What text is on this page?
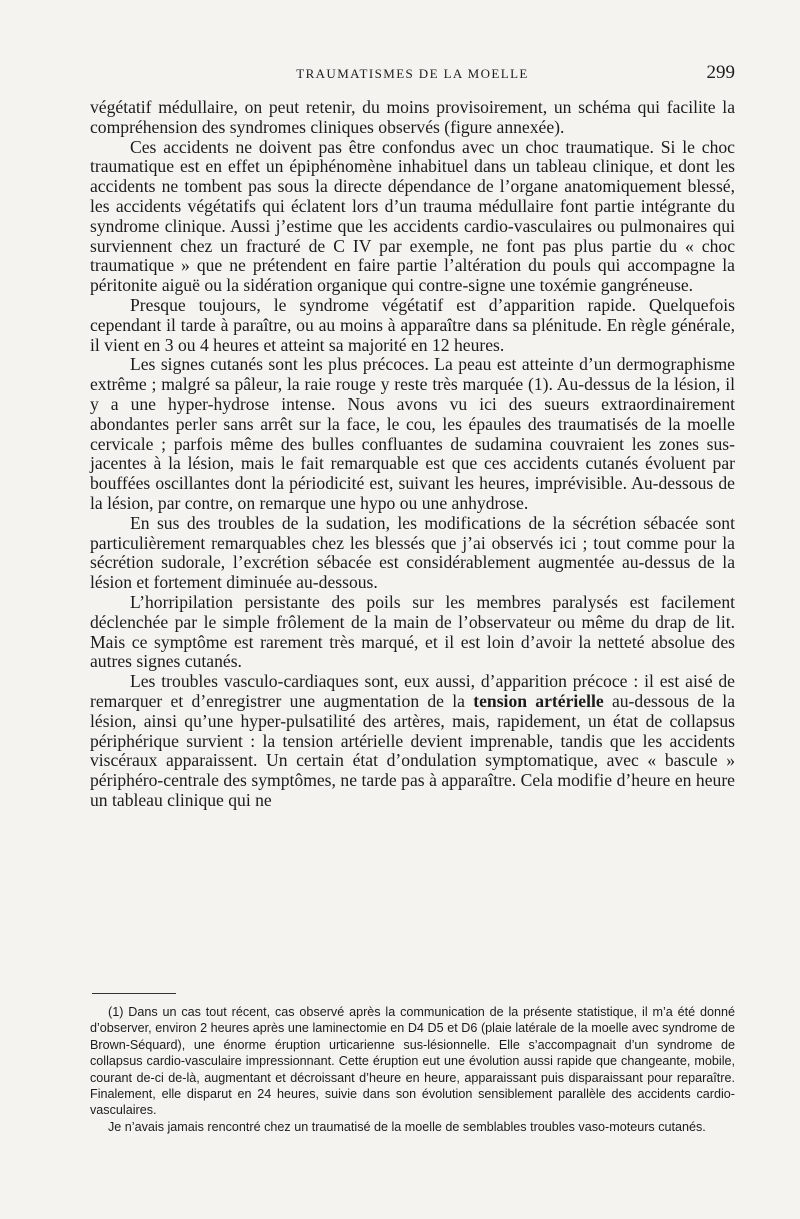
TRAUMATISMES DE LA MOELLE	299

végétatif médullaire, on peut retenir, du moins provisoirement, un schéma qui facilite la compréhension des syndromes cliniques observés (figure annexée).

Ces accidents ne doivent pas être confondus avec un choc traumatique. Si le choc traumatique est en effet un épiphénomène inhabituel dans un tableau clinique, et dont les accidents ne tombent pas sous la directe dépendance de l’organe anatomiquement blessé, les accidents végétatifs qui éclatent lors d’un trauma médullaire font partie intégrante du syndrome clinique. Aussi j’estime que les accidents cardio-vasculaires ou pulmonaires qui surviennent chez un fracturé de C IV par exemple, ne font pas plus partie du « choc traumatique » que ne prétendent en faire partie l’altération du pouls qui accompagne la péritonite aiguë ou la sidération organique qui contre-signe une toxémie gangréneuse.

Presque toujours, le syndrome végétatif est d’apparition rapide. Quelquefois cependant il tarde à paraître, ou au moins à apparaître dans sa plénitude. En règle générale, il vient en 3 ou 4 heures et atteint sa majorité en 12 heures.

Les signes cutanés sont les plus précoces. La peau est atteinte d’un dermographisme extrême ; malgré sa pâleur, la raie rouge y reste très marquée (1). Au-dessus de la lésion, il y a une hyper-hydrose intense. Nous avons vu ici des sueurs extraordinairement abondantes perler sans arrêt sur la face, le cou, les épaules des traumatisés de la moelle cervicale ; parfois même des bulles confluantes de sudamina couvraient les zones sus-jacentes à la lésion, mais le fait remarquable est que ces accidents cutanés évoluent par bouffées oscillantes dont la périodicité est, suivant les heures, imprévisible. Au-dessous de la lésion, par contre, on remarque une hypo ou une anhydrose.

En sus des troubles de la sudation, les modifications de la sécrétion sébacée sont particulièrement remarquables chez les blessés que j’ai observés ici ; tout comme pour la sécrétion sudorale, l’excrétion sébacée est considérablement augmentée au-dessus de la lésion et fortement diminuée au-dessous.

L’horripilation persistante des poils sur les membres paralysés est facilement déclenchée par le simple frôlement de la main de l’observateur ou même du drap de lit. Mais ce symptôme est rarement très marqué, et il est loin d’avoir la netteté absolue des autres signes cutanés.

Les troubles vasculo-cardiaques sont, eux aussi, d’apparition précoce : il est aisé de remarquer et d’enregistrer une augmentation de la tension artérielle au-dessous de la lésion, ainsi qu’une hyper-pulsatilité des artères, mais, rapidement, un état de collapsus périphérique survient : la tension artérielle devient imprenable, tandis que les accidents viscéraux apparaissent. Un certain état d’ondulation symptomatique, avec « bascule » périphéro-centrale des symptômes, ne tarde pas à apparaître. Cela modifie d’heure en heure un tableau clinique qui ne

(1) Dans un cas tout récent, cas observé après la communication de la présente statistique, il m’a été donné d’observer, environ 2 heures après une laminectomie en D4 D5 et D6 (plaie latérale de la moelle avec syndrome de Brown-Séquard), une énorme éruption urticarienne sus-lésionnelle. Elle s’accompagnait d’un syndrome de collapsus cardio-vasculaire impressionnant. Cette éruption eut une évolution aussi rapide que changeante, mobile, courant de-ci de-là, augmentant et décroissant d’heure en heure, apparaissant puis disparaissant pour reparaître. Finalement, elle disparut en 24 heures, suivie dans son évolution sensiblement parallèle des accidents cardio-vasculaires.

Je n’avais jamais rencontré chez un traumatisé de la moelle de semblables troubles vaso-moteurs cutanés.
